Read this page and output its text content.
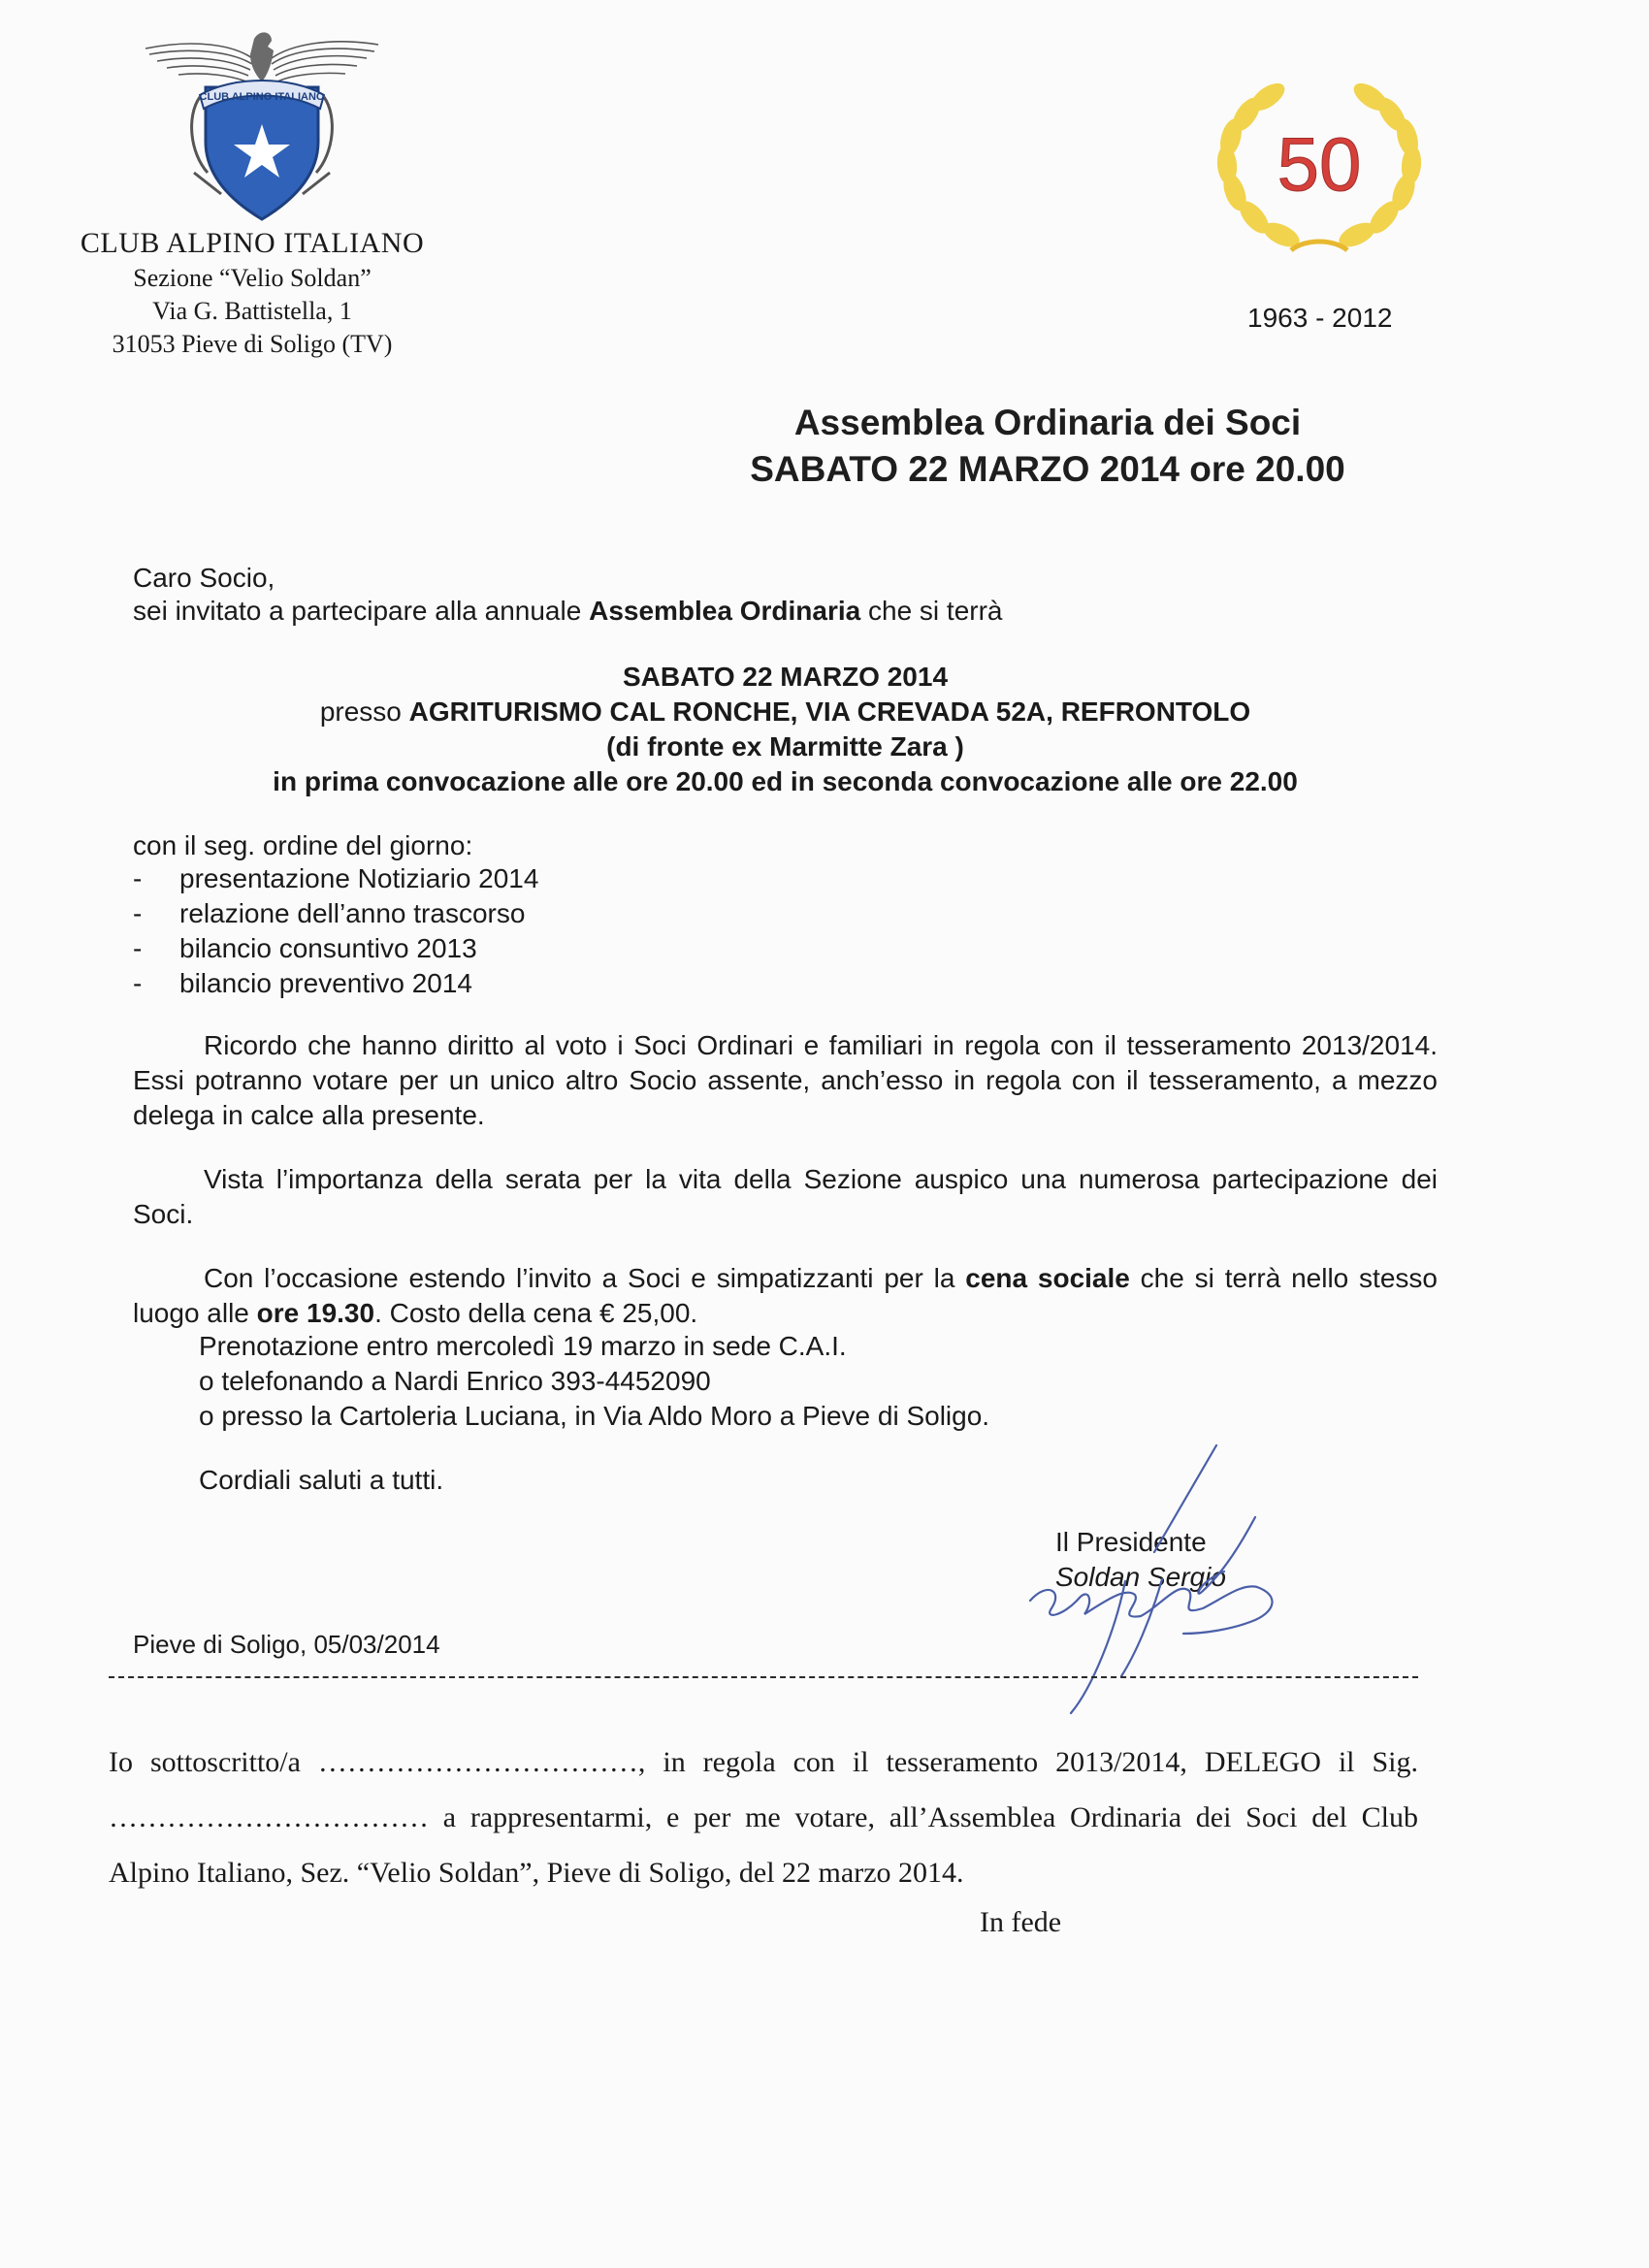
CLUB ALPINO ITALIANO
CLUB ALPINO ITALIANO
Sezione “Velio Soldan”
Via G. Battistella, 1
31053 Pieve di Soligo (TV)
50
1963 - 2012
Assemblea Ordinaria dei Soci
SABATO 22 MARZO 2014 ore 20.00
Caro Socio,
sei invitato a partecipare alla annuale Assemblea Ordinaria che si terrà
SABATO 22 MARZO 2014
presso AGRITURISMO CAL RONCHE, VIA CREVADA 52A, REFRONTOLO
(di fronte ex Marmitte Zara )
in prima convocazione alle ore 20.00 ed in seconda convocazione alle ore 22.00
con il seg. ordine del giorno:
- presentazione Notiziario 2014
- relazione dell’anno trascorso
- bilancio consuntivo 2013
- bilancio preventivo 2014
Ricordo che hanno diritto al voto i Soci Ordinari e familiari in regola con il tesseramento 2013/2014. Essi potranno votare per un unico altro Socio assente, anch’esso in regola con il tesseramento, a mezzo delega in calce alla presente.
Vista l’importanza della serata per la vita della Sezione auspico una numerosa partecipazione dei Soci.
Con l’occasione estendo l’invito a Soci e simpatizzanti per la cena sociale che si terrà nello stesso luogo alle ore 19.30. Costo della cena € 25,00.
Prenotazione entro mercoledì 19 marzo in sede C.A.I.
o telefonando a Nardi Enrico 393-4452090
o presso la Cartoleria Luciana, in Via Aldo Moro a Pieve di Soligo.
Cordiali saluti a tutti.
Il Presidente
Soldan Sergio
Pieve di Soligo, 05/03/2014
Io sottoscritto/a ……………………………, in regola con il tesseramento 2013/2014, DELEGO il Sig. …………………………… a rappresentarmi, e per me votare, all’Assemblea Ordinaria dei Soci del Club Alpino Italiano, Sez. “Velio Soldan”, Pieve di Soligo, del 22 marzo 2014.
In fede
